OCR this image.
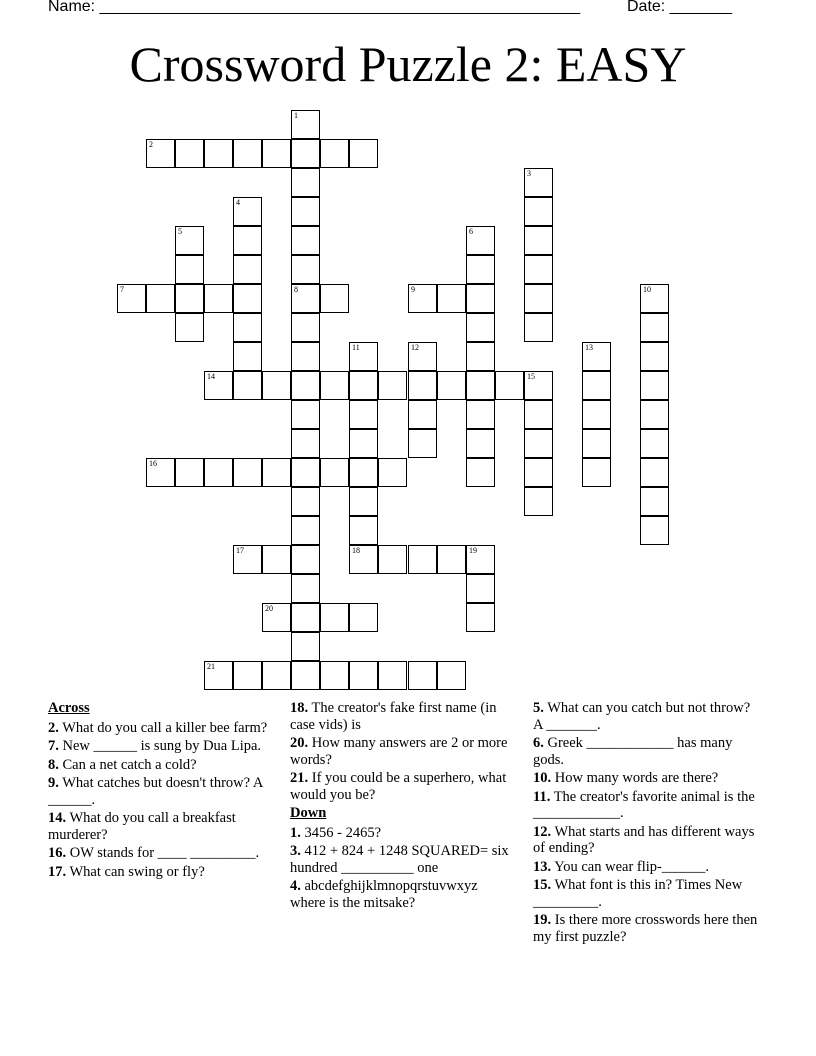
Name: ______________________________________________________	Date: _______
Crossword Puzzle 2: EASY
1
2
3
4
5	6
7	8	9	10
11	12	13
14	15
16
17	18	19
20
21
Across
2. What do you call a killer bee farm?
7. New ______ is sung by Dua Lipa.
8. Can a net catch a cold?
9. What catches but doesn't throw? A ______.
14. What do you call a breakfast murderer?
16. OW stands for ____ _________.
17. What can swing or fly?
18. The creator's fake first name (in case vids) is
20. How many answers are 2 or more words?
21. If you could be a superhero, what would you be?
Down
1. 3456 - 2465?
3. 412 + 824 + 1248 SQUARED= six hundred __________ one
4. abcdefghijklmnopqrstuvwxyz where is the mitsake?
5. What can you catch but not throw? A _______.
6. Greek ____________ has many gods.
10. How many words are there?
11. The creator's favorite animal is the ____________.
12. What starts and has different ways of ending?
13. You can wear flip-______.
15. What font is this in? Times New _________.
19. Is there more crosswords here then my first puzzle?
